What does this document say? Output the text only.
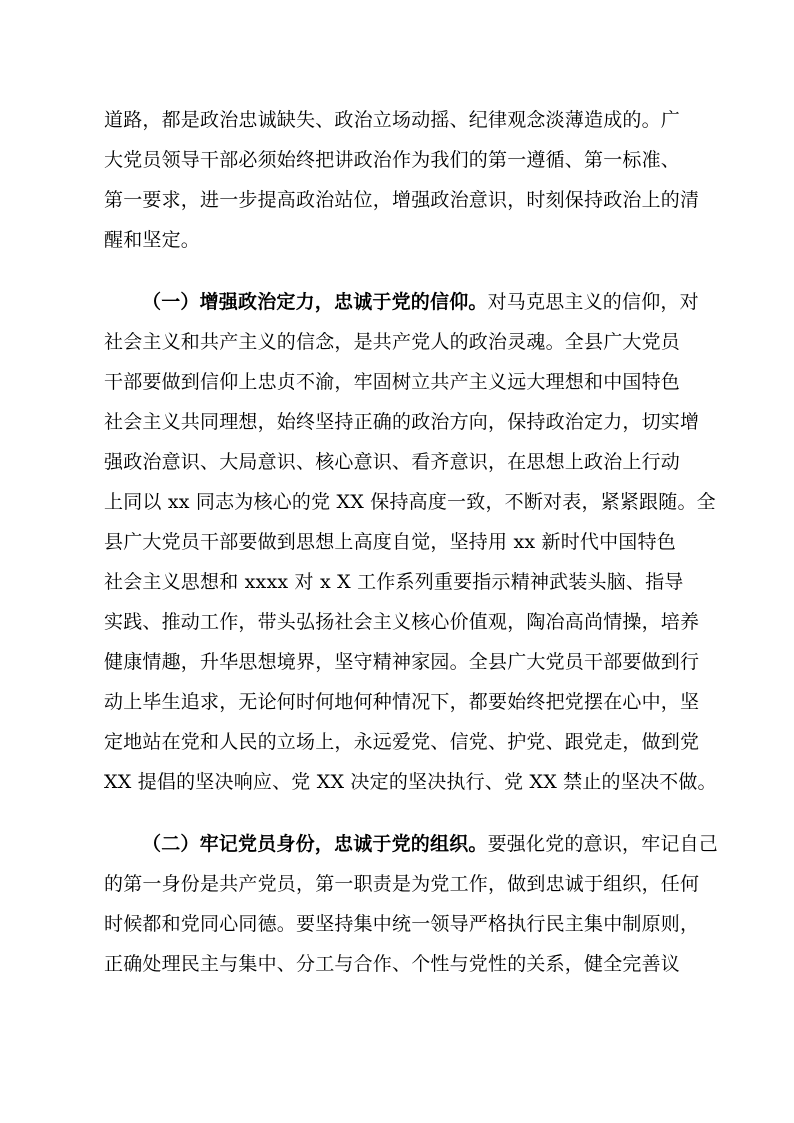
道路，都是政治忠诚缺失、政治立场动摇、纪律观念淡薄造成的。广
大党员领导干部必须始终把讲政治作为我们的第一遵循、第一标准、
第一要求，进一步提高政治站位，增强政治意识，时刻保持政治上的清
醒和坚定。
（一）增强政治定力，忠诚于党的信仰。对马克思主义的信仰，对
社会主义和共产主义的信念，是共产党人的政治灵魂。全县广大党员
干部要做到信仰上忠贞不渝，牢固树立共产主义远大理想和中国特色
社会主义共同理想，始终坚持正确的政治方向，保持政治定力，切实增
强政治意识、大局意识、核心意识、看齐意识，在思想上政治上行动
上同以 xx 同志为核心的党 XX 保持高度一致，不断对表，紧紧跟随。全
县广大党员干部要做到思想上高度自觉，坚持用 xx 新时代中国特色
社会主义思想和 xxxx 对 x X 工作系列重要指示精神武装头脑、指导
实践、推动工作，带头弘扬社会主义核心价值观，陶冶高尚情操，培养
健康情趣，升华思想境界，坚守精神家园。全县广大党员干部要做到行
动上毕生追求，无论何时何地何种情况下，都要始终把党摆在心中，坚
定地站在党和人民的立场上，永远爱党、信党、护党、跟党走，做到党
XX 提倡的坚决响应、党 XX 决定的坚决执行、党 XX 禁止的坚决不做。
（二）牢记党员身份，忠诚于党的组织。要强化党的意识，牢记自己
的第一身份是共产党员，第一职责是为党工作，做到忠诚于组织，任何
时候都和党同心同德。要坚持集中统一领导严格执行民主集中制原则，
正确处理民主与集中、分工与合作、个性与党性的关系，健全完善议
